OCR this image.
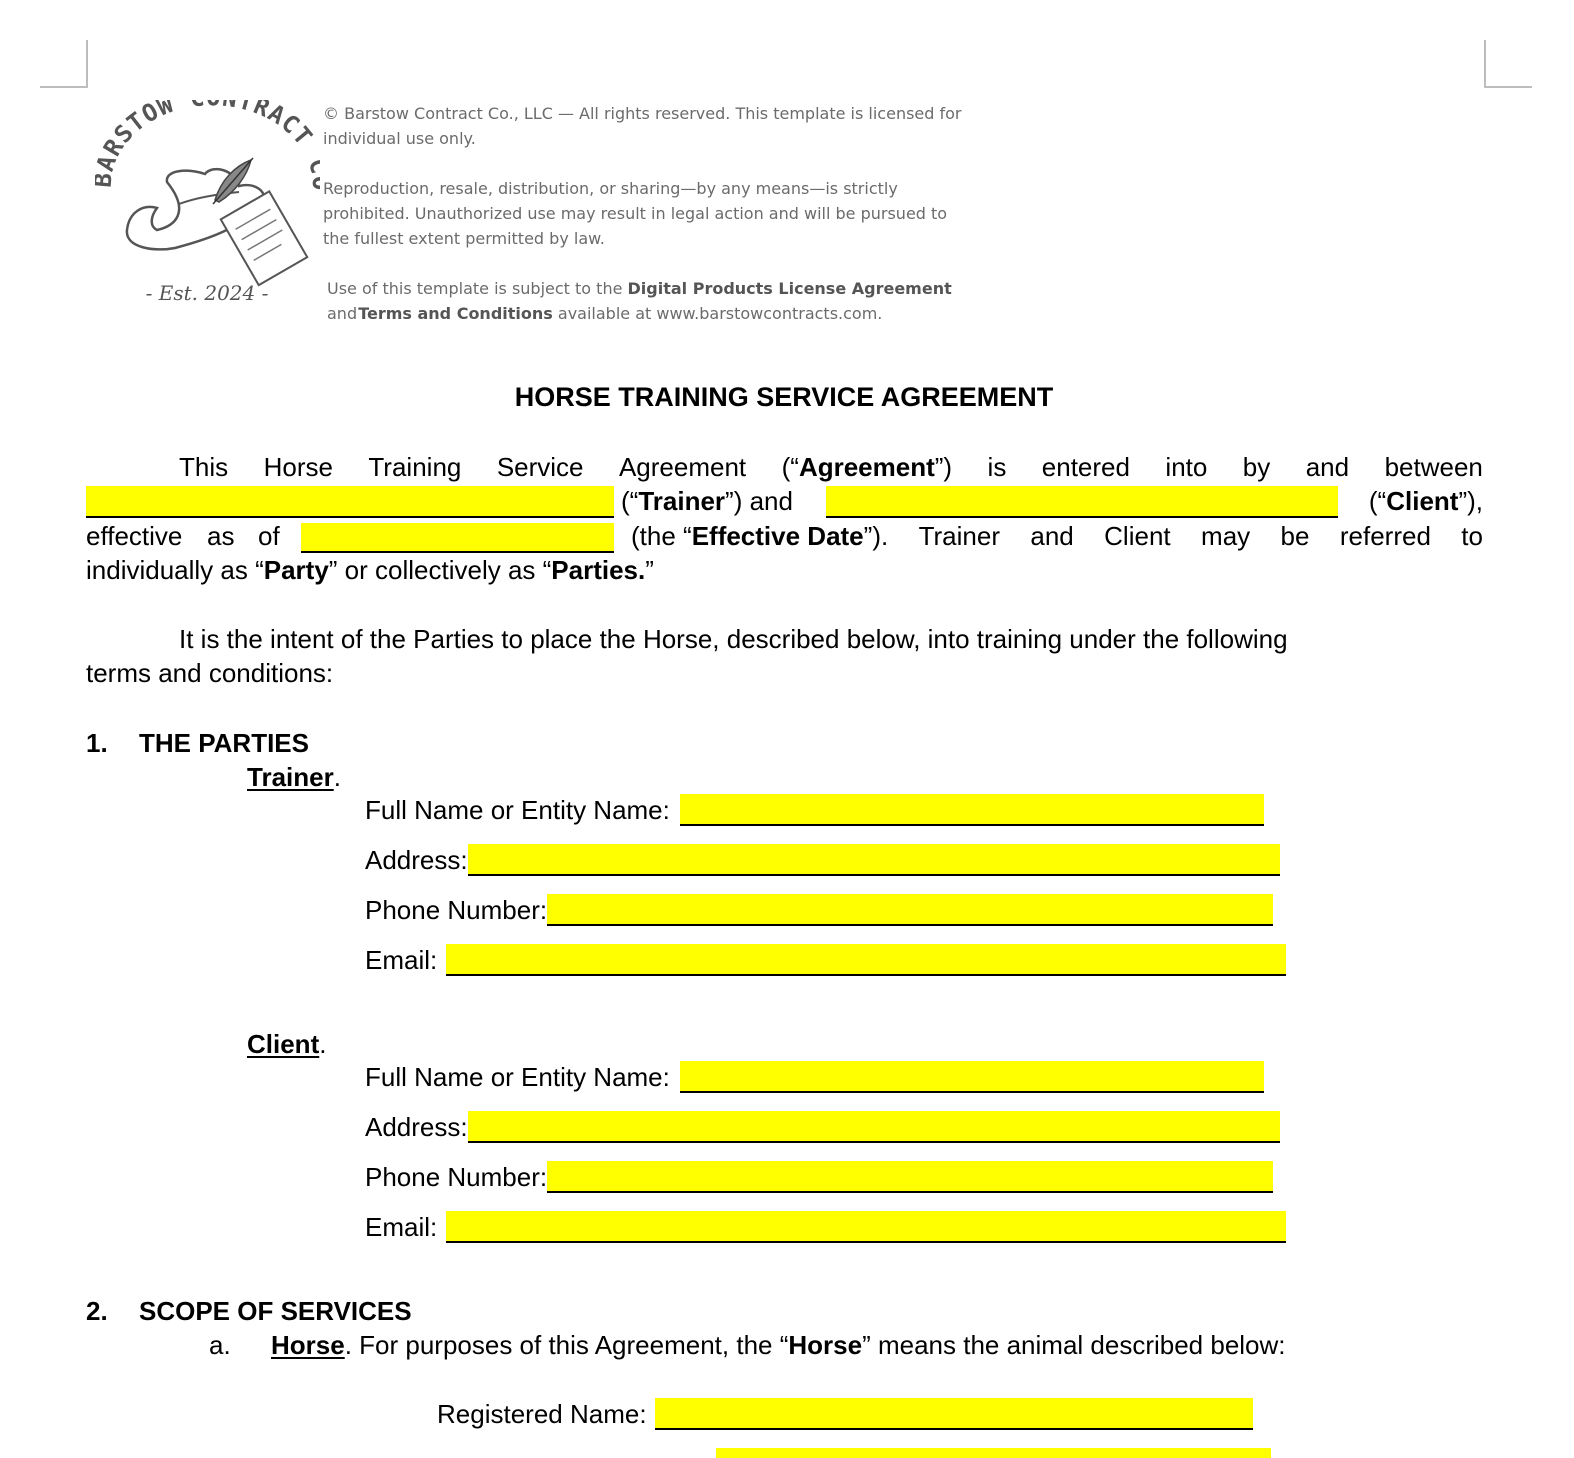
RSTOW TRACT
- Est. 2024 -
© Barstow Contract Co., LLC — All rights reserved. This template is licensed for individual use only.
Reproduction, resale, distribution, or sharing—by any means—is strictly prohibited. Unauthorized use may result in legal action and will be pursued to the fullest extent permitted by law.
Use of this template is subject to the Digital Products License Agreement and Terms and Conditions available at www.barstowcontracts.com.
HORSE TRAINING SERVICE AGREEMENT
This Horse Training Service Agreement (“Agreement”) is entered into by and between
(“Trainer”) and	(“Client”),
effective as of	(the “Effective Date”). Trainer and Client may be referred to
individually as “Party” or collectively as “Parties.”
It is the intent of the Parties to place the Horse, described below, into training under the following
terms and conditions:
1. THE PARTIES
Trainer.
Full Name or Entity Name:
Address:
Phone Number:
Email:
Client.
Full Name or Entity Name:
Address:
Phone Number:
Email:
2. SCOPE OF SERVICES
a. Horse. For purposes of this Agreement, the “Horse” means the animal described below:
Registered Name:
